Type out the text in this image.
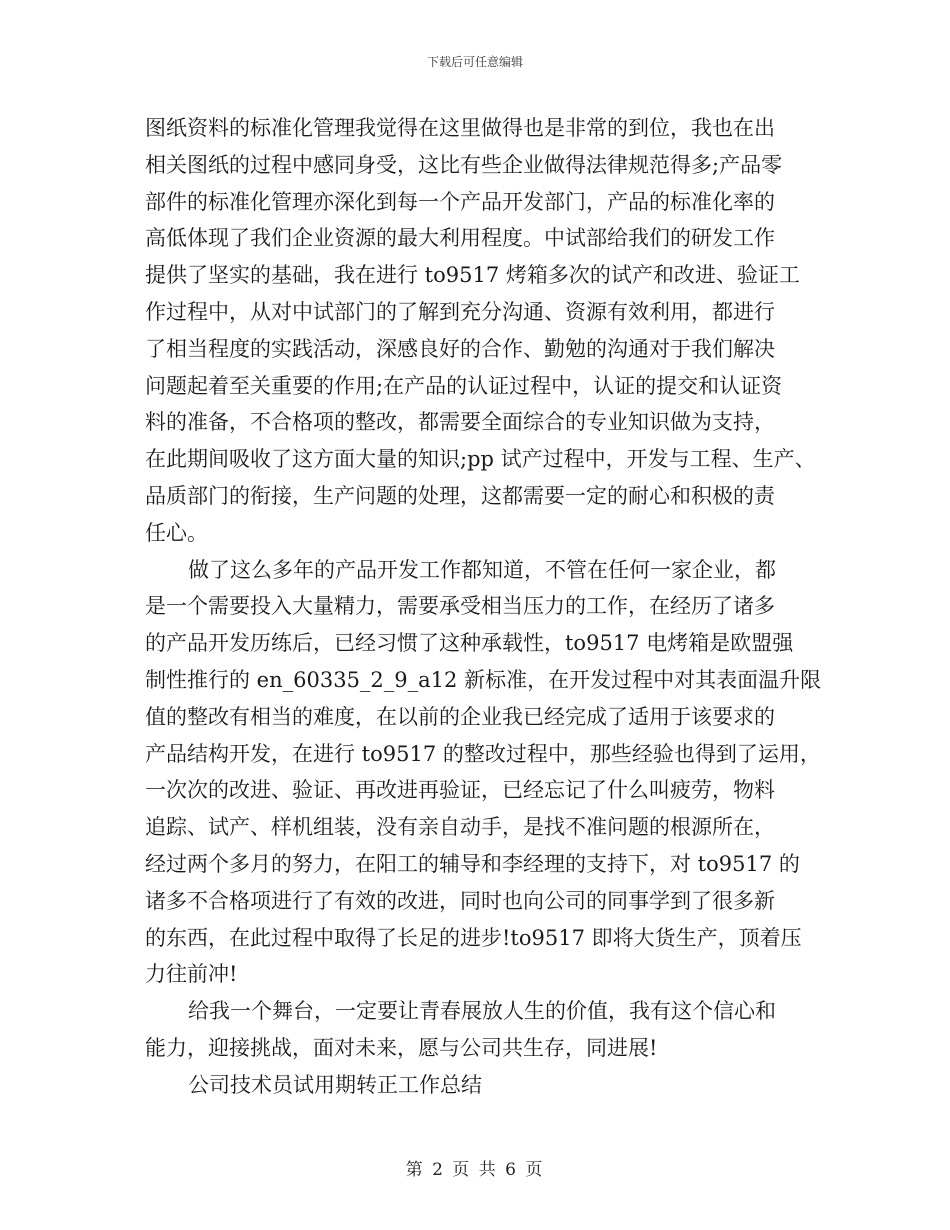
下载后可任意编辑
图纸资料的标准化管理我觉得在这里做得也是非常的到位，我也在出
相关图纸的过程中感同身受，这比有些企业做得法律规范得多;产品零
部件的标准化管理亦深化到每一个产品开发部门，产品的标准化率的
高低体现了我们企业资源的最大利用程度。中试部给我们的研发工作
提供了坚实的基础，我在进行 to9517 烤箱多次的试产和改进、验证工
作过程中，从对中试部门的了解到充分沟通、资源有效利用，都进行
了相当程度的实践活动，深感良好的合作、勤勉的沟通对于我们解决
问题起着至关重要的作用;在产品的认证过程中，认证的提交和认证资
料的准备，不合格项的整改，都需要全面综合的专业知识做为支持，
在此期间吸收了这方面大量的知识;pp 试产过程中，开发与工程、生产、
品质部门的衔接，生产问题的处理，这都需要一定的耐心和积极的责
任心。
做了这么多年的产品开发工作都知道，不管在任何一家企业，都
是一个需要投入大量精力，需要承受相当压力的工作，在经历了诸多
的产品开发历练后，已经习惯了这种承载性，to9517 电烤箱是欧盟强
制性推行的 en_60335_2_9_a12 新标准，在开发过程中对其表面温升限
值的整改有相当的难度，在以前的企业我已经完成了适用于该要求的
产品结构开发，在进行 to9517 的整改过程中，那些经验也得到了运用，
一次次的改进、验证、再改进再验证，已经忘记了什么叫疲劳，物料
追踪、试产、样机组装，没有亲自动手，是找不准问题的根源所在，
经过两个多月的努力，在阳工的辅导和李经理的支持下，对 to9517 的
诸多不合格项进行了有效的改进，同时也向公司的同事学到了很多新
的东西，在此过程中取得了长足的进步!to9517 即将大货生产，顶着压
力往前冲!
给我一个舞台，一定要让青春展放人生的价值，我有这个信心和
能力，迎接挑战，面对未来，愿与公司共生存，同进展!
公司技术员试用期转正工作总结
第 2 页 共 6 页
